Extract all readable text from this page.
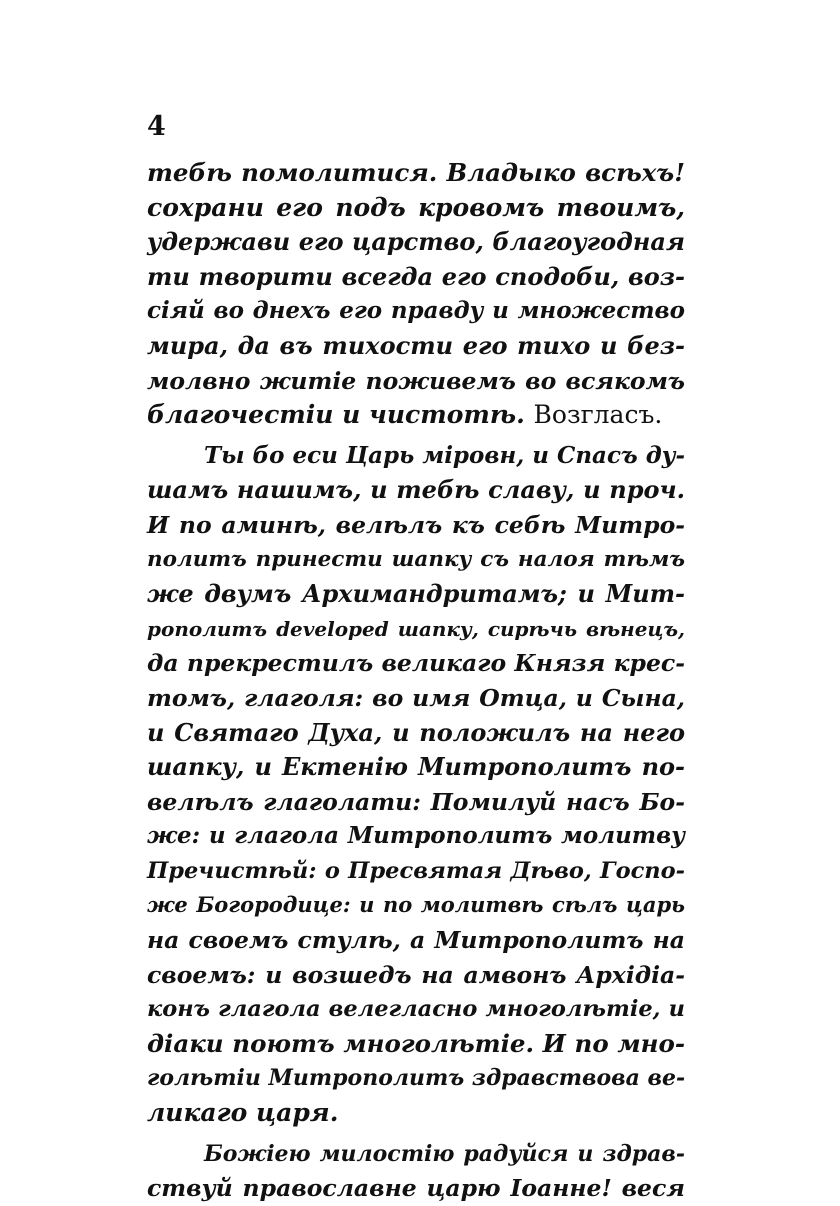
4
тебѣ помолитися. Владыко всѣхъ!
сохрани его подъ кровомъ твоимъ,
удержави его царство, благоугодная
ти творити всегда его сподоби, воз-
сіяй во днехъ его правду и множество
мира, да въ тихости его тихо и без-
молвно житіе поживемъ во всякомъ
благочестіи и чистотѣ. Возгласъ.
Ты бо еси Царь міровн, и Спасъ ду-
шамъ нашимъ, и тебѣ славу, и проч.
И по аминѣ, велѣлъ къ себѣ Митро-
политъ принести шапку съ налоя тѣмъ
же двумъ Архимандритамъ; и Мит-
рополитъ developed шапку, сирѣчь вѣнецъ,
да прекрестилъ великаго Князя крес-
томъ, глаголя: во имя Отца, и Сына,
и Святаго Духа, и положилъ на него
шапку, и Ектенію Митрополитъ по-
велѣлъ глаголати: Помилуй насъ Бо-
же: и глагола Митрополитъ молитву
Пречистѣй: о Пресвятая Дѣво, Госпо-
же Богородице: и по молитвѣ сѣлъ царь
на своемъ стулѣ, а Митрополитъ на
своемъ: и возшедъ на амвонъ Архідіа-
конъ глагола велегласно многолѣтіе, и
діаки поютъ многолѣтіе. И по мно-
голѣтіи Митрополитъ здравствова ве-
ликаго царя.
Божіею милостію радуйся и здрав-
ствуй православне царю Іоанне! веся
